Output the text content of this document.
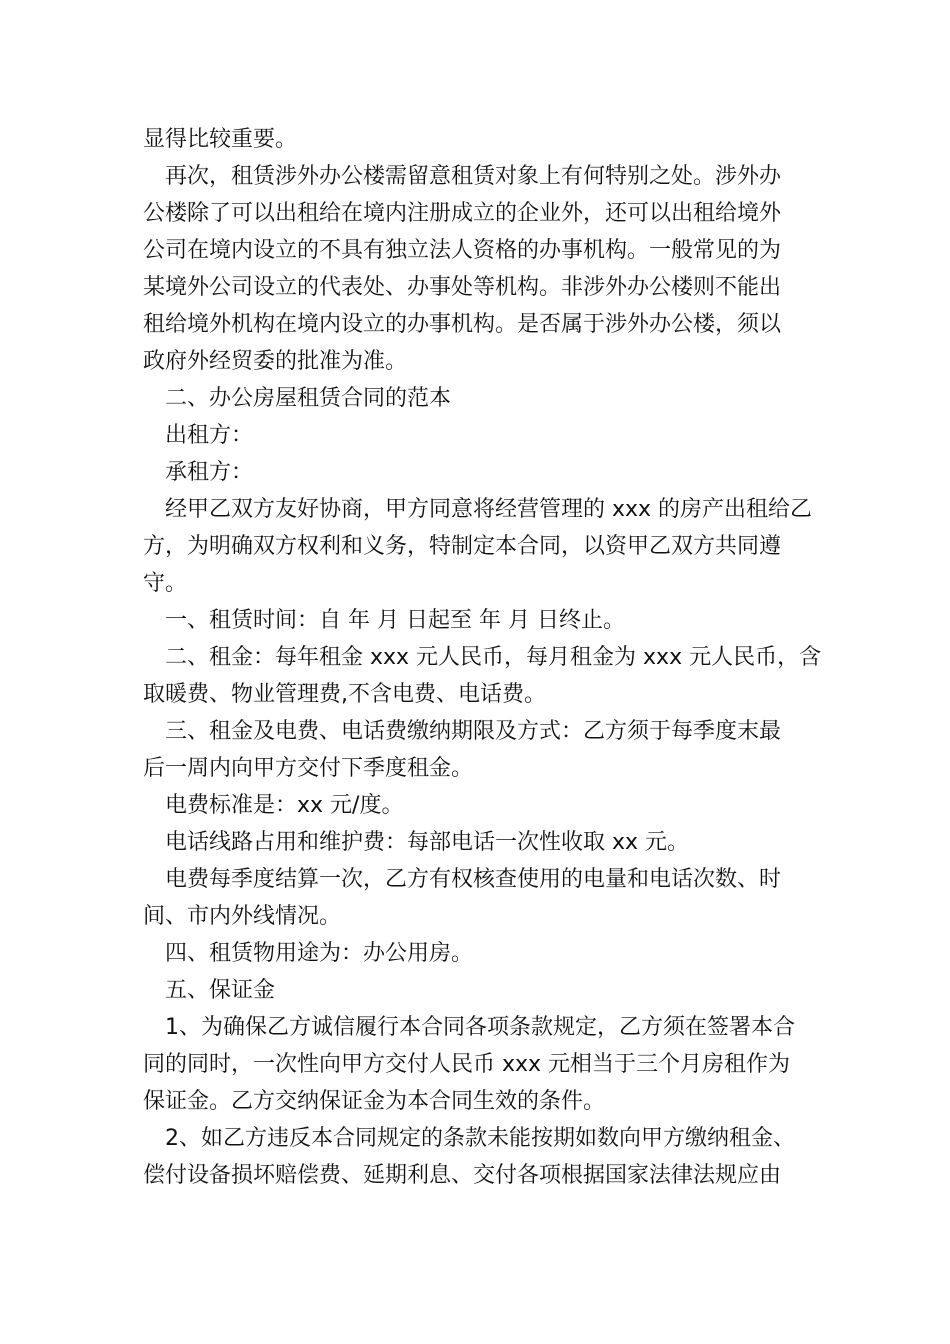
显得比较重要。
　再次，租赁涉外办公楼需留意租赁对象上有何特别之处。涉外办
公楼除了可以出租给在境内注册成立的企业外，还可以出租给境外
公司在境内设立的不具有独立法人资格的办事机构。一般常见的为
某境外公司设立的代表处、办事处等机构。非涉外办公楼则不能出
租给境外机构在境内设立的办事机构。是否属于涉外办公楼，须以
政府外经贸委的批准为准。
　二、办公房屋租赁合同的范本
　出租方：
　承租方：
　经甲乙双方友好协商，甲方同意将经营管理的 xxx 的房产出租给乙
方，为明确双方权利和义务，特制定本合同，以资甲乙双方共同遵
守。
　一、租赁时间：自 年 月 日起至 年 月 日终止。
　二、租金：每年租金 xxx 元人民币，每月租金为 xxx 元人民币，含
取暖费、物业管理费,不含电费、电话费。
　三、租金及电费、电话费缴纳期限及方式：乙方须于每季度末最
后一周内向甲方交付下季度租金。
　电费标准是：xx 元/度。
　电话线路占用和维护费：每部电话一次性收取 xx 元。
　电费每季度结算一次，乙方有权核查使用的电量和电话次数、时
间、市内外线情况。
　四、租赁物用途为：办公用房。
　五、保证金
　1、为确保乙方诚信履行本合同各项条款规定，乙方须在签署本合
同的同时，一次性向甲方交付人民币 xxx 元相当于三个月房租作为
保证金。乙方交纳保证金为本合同生效的条件。
　2、如乙方违反本合同规定的条款未能按期如数向甲方缴纳租金、
偿付设备损坏赔偿费、延期利息、交付各项根据国家法律法规应由
